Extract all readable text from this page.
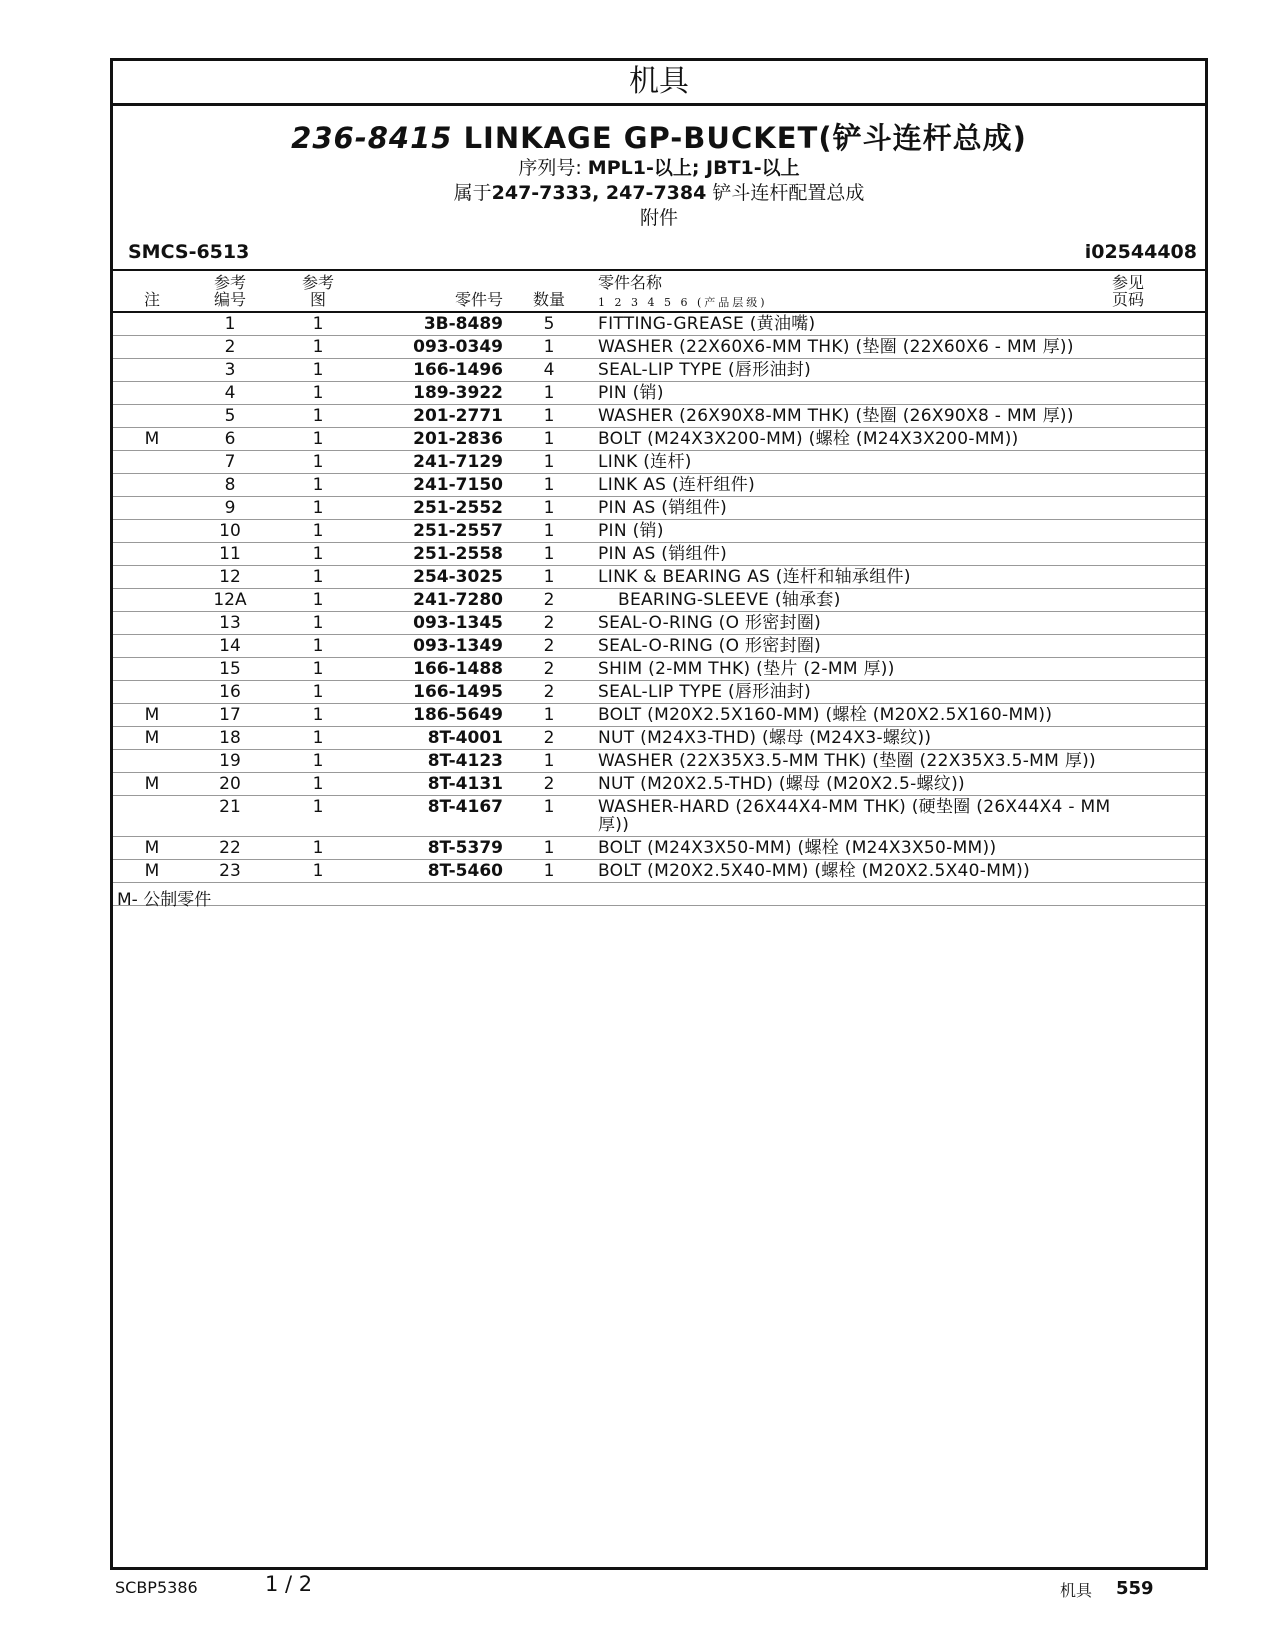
机具
236-8415 LINKAGE GP-BUCKET(铲斗连杆总成)
序列号: MPL1-以上; JBT1-以上
属于247-7333, 247-7384 铲斗连杆配置总成
附件
SMCS-6513	i02544408
注
参考
编号
参考
图	零件号	数量
零件名称
1 2 3 4 5 6 (产品层级)
参见
页码
1	1	3B-8489	5	FITTING-GREASE (黄油嘴)
2	1	093-0349	1	WASHER (22X60X6-MM THK) (垫圈 (22X60X6 - MM 厚))
3	1	166-1496	4	SEAL-LIP TYPE (唇形油封)
4	1	189-3922	1	PIN (销)
5	1	201-2771	1	WASHER (26X90X8-MM THK) (垫圈 (26X90X8 - MM 厚))
M	6	1	201-2836	1	BOLT (M24X3X200-MM) (螺栓 (M24X3X200-MM))
7	1	241-7129	1	LINK (连杆)
8	1	241-7150	1	LINK AS (连杆组件)
9	1	251-2552	1	PIN AS (销组件)
10	1	251-2557	1	PIN (销)
11	1	251-2558	1	PIN AS (销组件)
12	1	254-3025	1	LINK & BEARING AS (连杆和轴承组件)
12A	1	241-7280	2	BEARING-SLEEVE (轴承套)
13	1	093-1345	2	SEAL-O-RING (O 形密封圈)
14	1	093-1349	2	SEAL-O-RING (O 形密封圈)
15	1	166-1488	2	SHIM (2-MM THK) (垫片 (2-MM 厚))
16	1	166-1495	2	SEAL-LIP TYPE (唇形油封)
M	17	1	186-5649	1	BOLT (M20X2.5X160-MM) (螺栓 (M20X2.5X160-MM))
M	18	1	8T-4001	2	NUT (M24X3-THD) (螺母 (M24X3-螺纹))
19	1	8T-4123	1	WASHER (22X35X3.5-MM THK) (垫圈 (22X35X3.5-MM 厚))
M	20	1	8T-4131	2	NUT (M20X2.5-THD) (螺母 (M20X2.5-螺纹))
21	1	8T-4167	1	WASHER-HARD (26X44X4-MM THK) (硬垫圈 (26X44X4 - MM 厚))
M	22	1	8T-5379	1	BOLT (M24X3X50-MM) (螺栓 (M24X3X50-MM))
M	23	1	8T-5460	1	BOLT (M20X2.5X40-MM) (螺栓 (M20X2.5X40-MM))
M- 公制零件
SCBP5386	1 / 2	机具 559
